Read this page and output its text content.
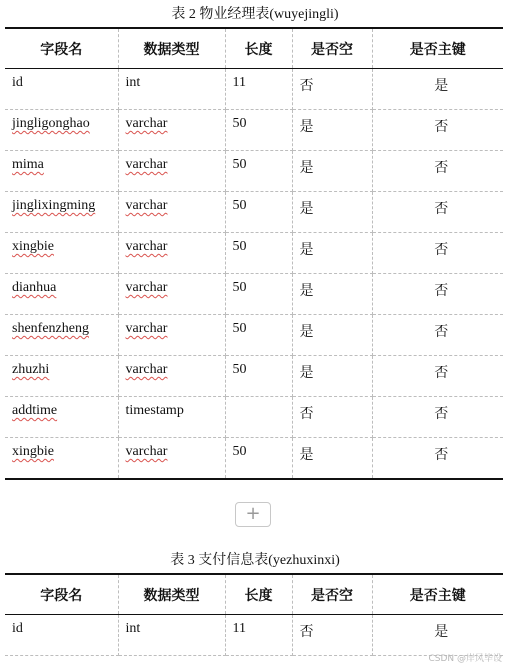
表 2 物业经理表(wuyejingli)
字段名	数据类型	长度	是否空	是否主键
id	int	11	否	是
jingligonghao	varchar	50	是	否
mima	varchar	50	是	否
jinglixingming	varchar	50	是	否
xingbie	varchar	50	是	否
dianhua	varchar	50	是	否
shenfenzheng	varchar	50	是	否
zhuzhi	varchar	50	是	否
addtime	timestamp		否	否
xingbie	varchar	50	是	否
+
表 3 支付信息表(yezhuxinxi)
字段名	数据类型	长度	是否空	是否主键
id	int	11	否	是
CSDN @岸风毕设
